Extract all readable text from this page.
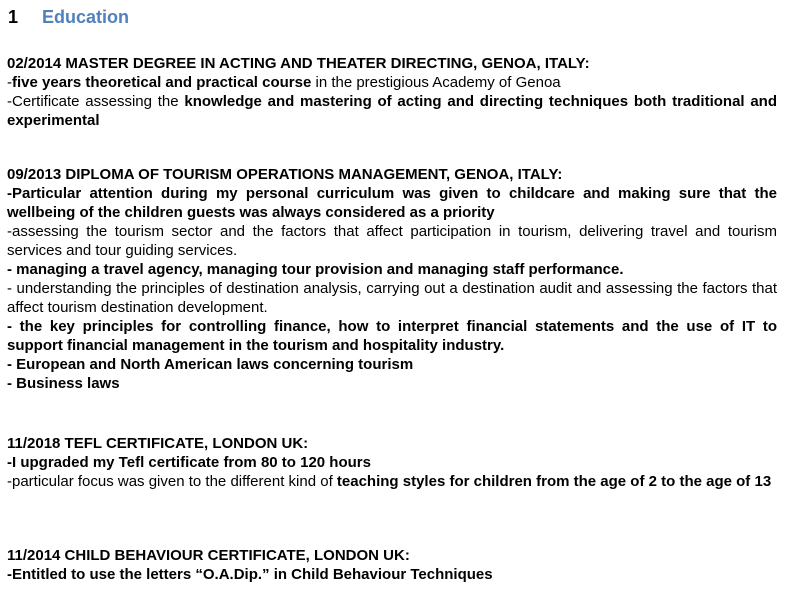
1	Education
02/2014 MASTER DEGREE IN ACTING AND THEATER DIRECTING, GENOA, ITALY:
-five years theoretical and practical course in the prestigious Academy of Genoa
-Certificate assessing the knowledge and mastering of acting and directing techniques both traditional and experimental
09/2013 DIPLOMA OF TOURISM OPERATIONS MANAGEMENT, GENOA, ITALY:
-Particular attention during my personal curriculum was given to childcare and making sure that the wellbeing of the children guests was always considered as a priority
-assessing the tourism sector and the factors that affect participation in tourism, delivering travel and tourism services and tour guiding services.
- managing a travel agency, managing tour provision and managing staff performance.
- understanding the principles of destination analysis, carrying out a destination audit and assessing the factors that affect tourism destination development.
- the key principles for controlling finance, how to interpret financial statements and the use of IT to support financial management in the tourism and hospitality industry.
- European and North American laws concerning tourism
- Business laws
11/2018 TEFL CERTIFICATE, LONDON UK:
-I upgraded my Tefl certificate from 80 to 120 hours
-particular focus was given to the different kind of teaching styles for children from the age of 2 to the age of 13
11/2014 CHILD BEHAVIOUR CERTIFICATE, LONDON UK:
-Entitled to use the letters “O.A.Dip.” in Child Behaviour Techniques
